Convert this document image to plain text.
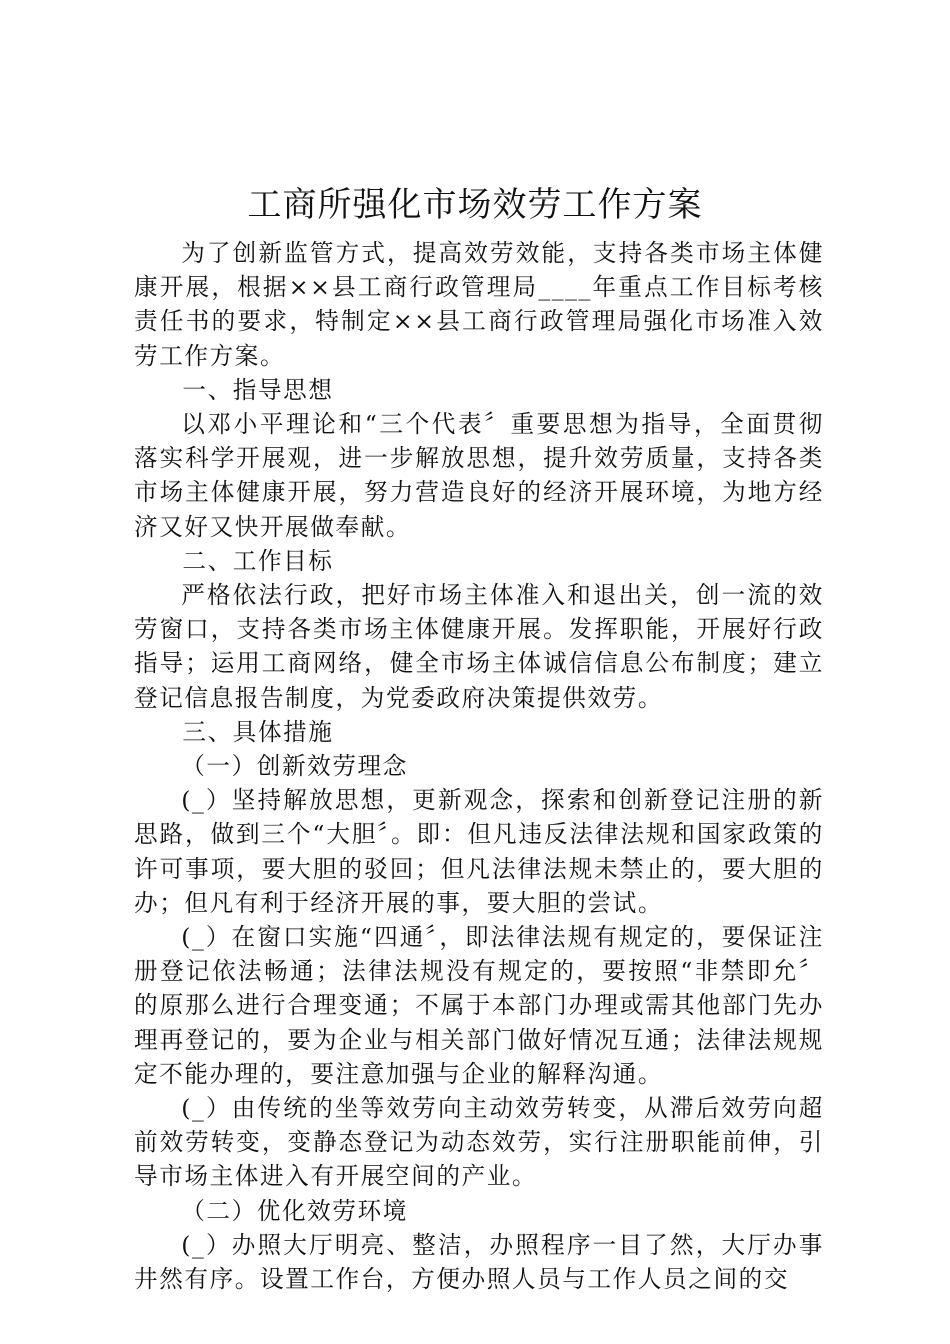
工商所强化市场效劳工作方案

为了创新监管方式，提高效劳效能，支持各类市场主体健康开展，根据××县工商行政管理局____年重点工作目标考核责任书的要求，特制定××县工商行政管理局强化市场准入效劳工作方案。

一、指导思想

以邓小平理论和“三个代表〞重要思想为指导，全面贯彻落实科学开展观，进一步解放思想，提升效劳质量，支持各类市场主体健康开展，努力营造良好的经济开展环境，为地方经济又好又快开展做奉献。

二、工作目标

严格依法行政，把好市场主体准入和退出关，创一流的效劳窗口，支持各类市场主体健康开展。发挥职能，开展好行政指导；运用工商网络，健全市场主体诚信信息公布制度；建立登记信息报告制度，为党委政府决策提供效劳。

三、具体措施

（一）创新效劳理念

(_）坚持解放思想，更新观念，探索和创新登记注册的新思路，做到三个“大胆〞。即：但凡违反法律法规和国家政策的许可事项，要大胆的驳回；但凡法律法规未禁止的，要大胆的办；但凡有利于经济开展的事，要大胆的尝试。

(_）在窗口实施“四通〞，即法律法规有规定的，要保证注册登记依法畅通；法律法规没有规定的，要按照“非禁即允〞的原那么进行合理变通；不属于本部门办理或需其他部门先办理再登记的，要为企业与相关部门做好情况互通；法律法规规定不能办理的，要注意加强与企业的解释沟通。

(_）由传统的坐等效劳向主动效劳转变，从滞后效劳向超前效劳转变，变静态登记为动态效劳，实行注册职能前伸，引导市场主体进入有开展空间的产业。

（二）优化效劳环境

(_）办照大厅明亮、整洁，办照程序一目了然，大厅办事井然有序。设置工作台，方便办照人员与工作人员之间的交
